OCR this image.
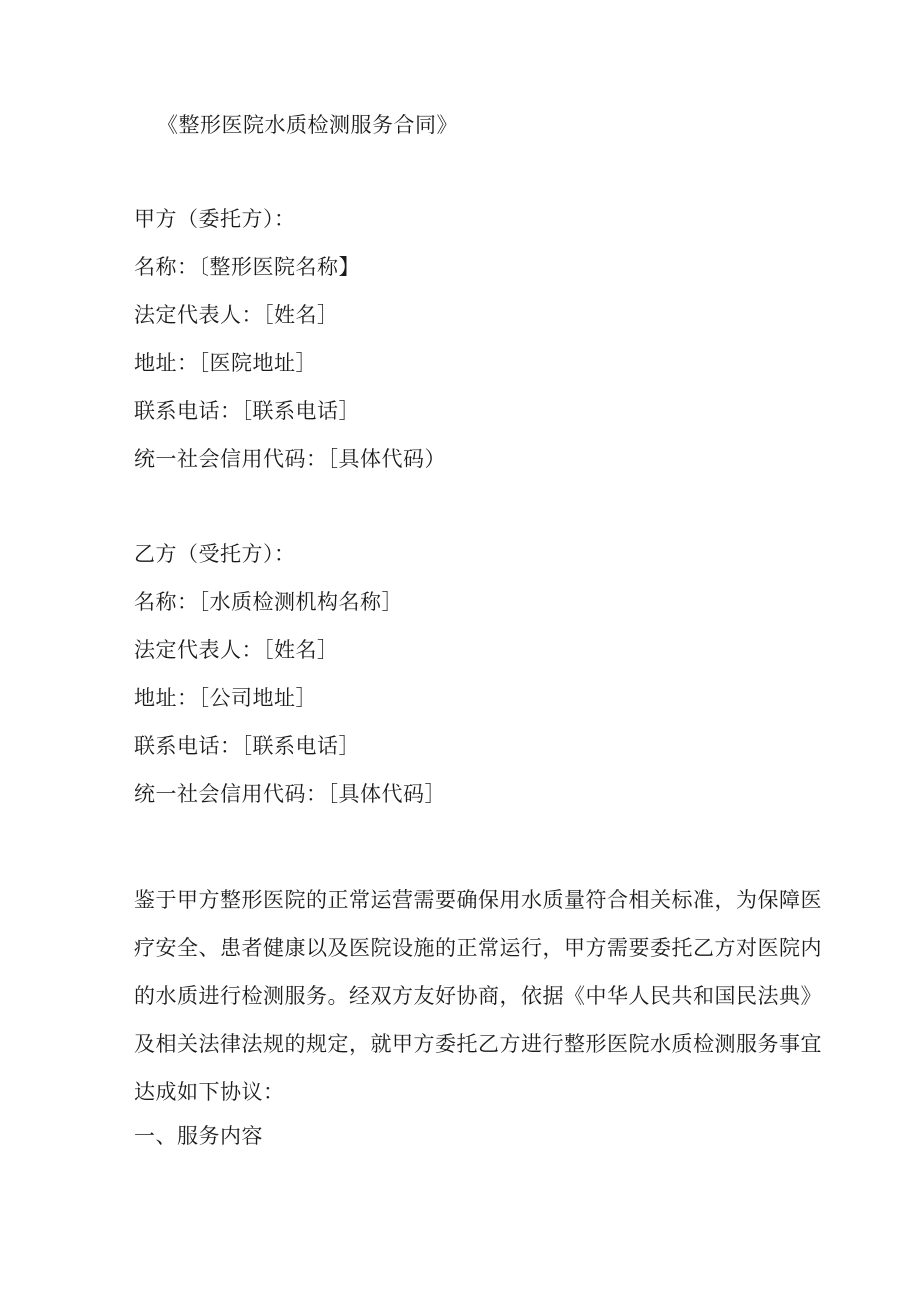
《整形医院水质检测服务合同》
甲方（委托方）：
名称：〔整形医院名称】
法定代表人：［姓名］
地址：［医院地址］
联系电话：［联系电话］
统一社会信用代码：［具体代码）
乙方（受托方）：
名称：［水质检测机构名称］
法定代表人：［姓名］
地址：［公司地址］
联系电话：［联系电话］
统一社会信用代码：［具体代码］
鉴于甲方整形医院的正常运营需要确保用水质量符合相关标准，为保障医
疗安全、患者健康以及医院设施的正常运行，甲方需要委托乙方对医院内
的水质进行检测服务。经双方友好协商，依据《中华人民共和国民法典》
及相关法律法规的规定，就甲方委托乙方进行整形医院水质检测服务事宜
达成如下协议：
一、服务内容
